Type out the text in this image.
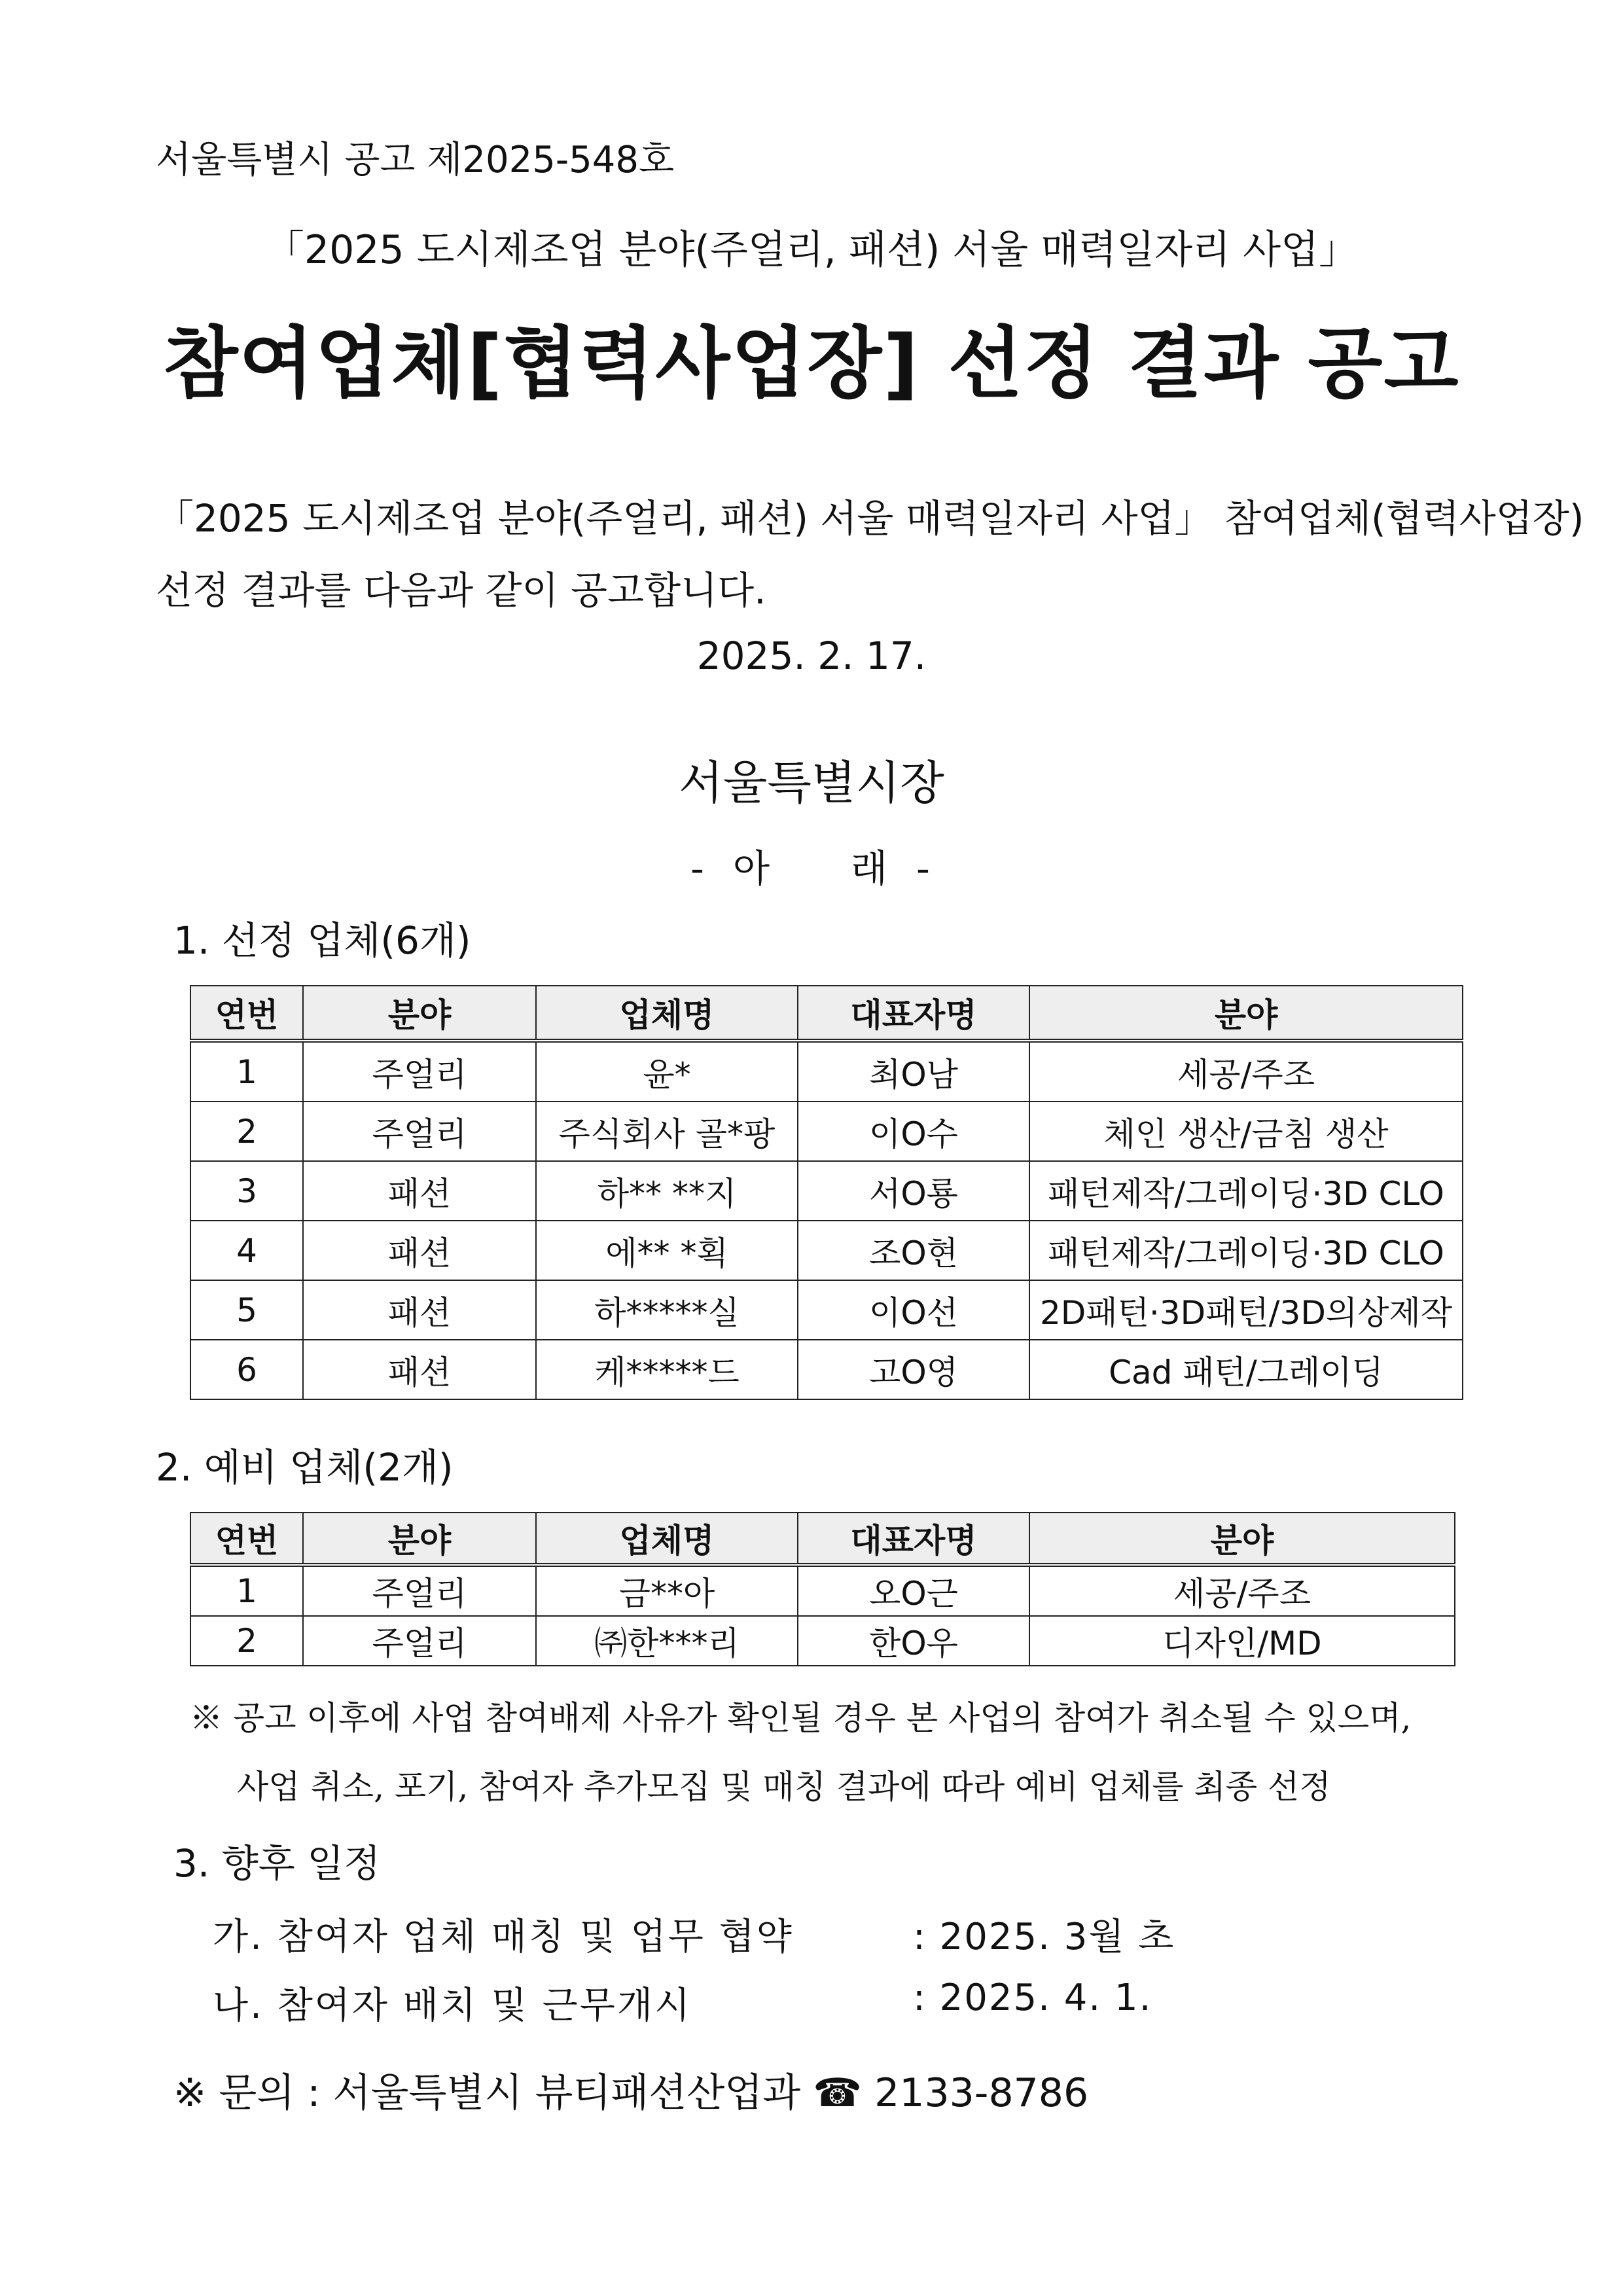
서울특별시 공고 제2025-548호
「2025 도시제조업 분야(주얼리, 패션) 서울 매력일자리 사업」
참여업체[협력사업장] 선정 결과 공고
「2025 도시제조업 분야(주얼리, 패션) 서울 매력일자리 사업」 참여업체(협력사업장)
선정 결과를 다음과 같이 공고합니다.
2025. 2. 17.
서울특별시장
- 아 래 -
1. 선정 업체(6개)
연번	분야	업체명	대표자명	분야
1	주얼리	윤*	최O남	세공/주조
2	주얼리	주식회사 골*팡	이O수	체인 생산/금침 생산
3	패션	하** **지	서O룡	패턴제작/그레이딩·3D CLO
4	패션	에** *획	조O현	패턴제작/그레이딩·3D CLO
5	패션	하*****실	이O선	2D패턴·3D패턴/3D의상제작
6	패션	케*****드	고O영	Cad 패턴/그레이딩
2. 예비 업체(2개)
연번	분야	업체명	대표자명	분야
1	주얼리	금**아	오O근	세공/주조
2	주얼리	㈜한***리	한O우	디자인/MD
※ 공고 이후에 사업 참여배제 사유가 확인될 경우 본 사업의 참여가 취소될 수 있으며,
사업 취소, 포기, 참여자 추가모집 및 매칭 결과에 따라 예비 업체를 최종 선정
3. 향후 일정
가. 참여자 업체 매칭 및 업무 협약	: 2025. 3월 초
나. 참여자 배치 및 근무개시	: 2025. 4. 1.
※ 문의 : 서울특별시 뷰티패션산업과 ☎ 2133-8786
